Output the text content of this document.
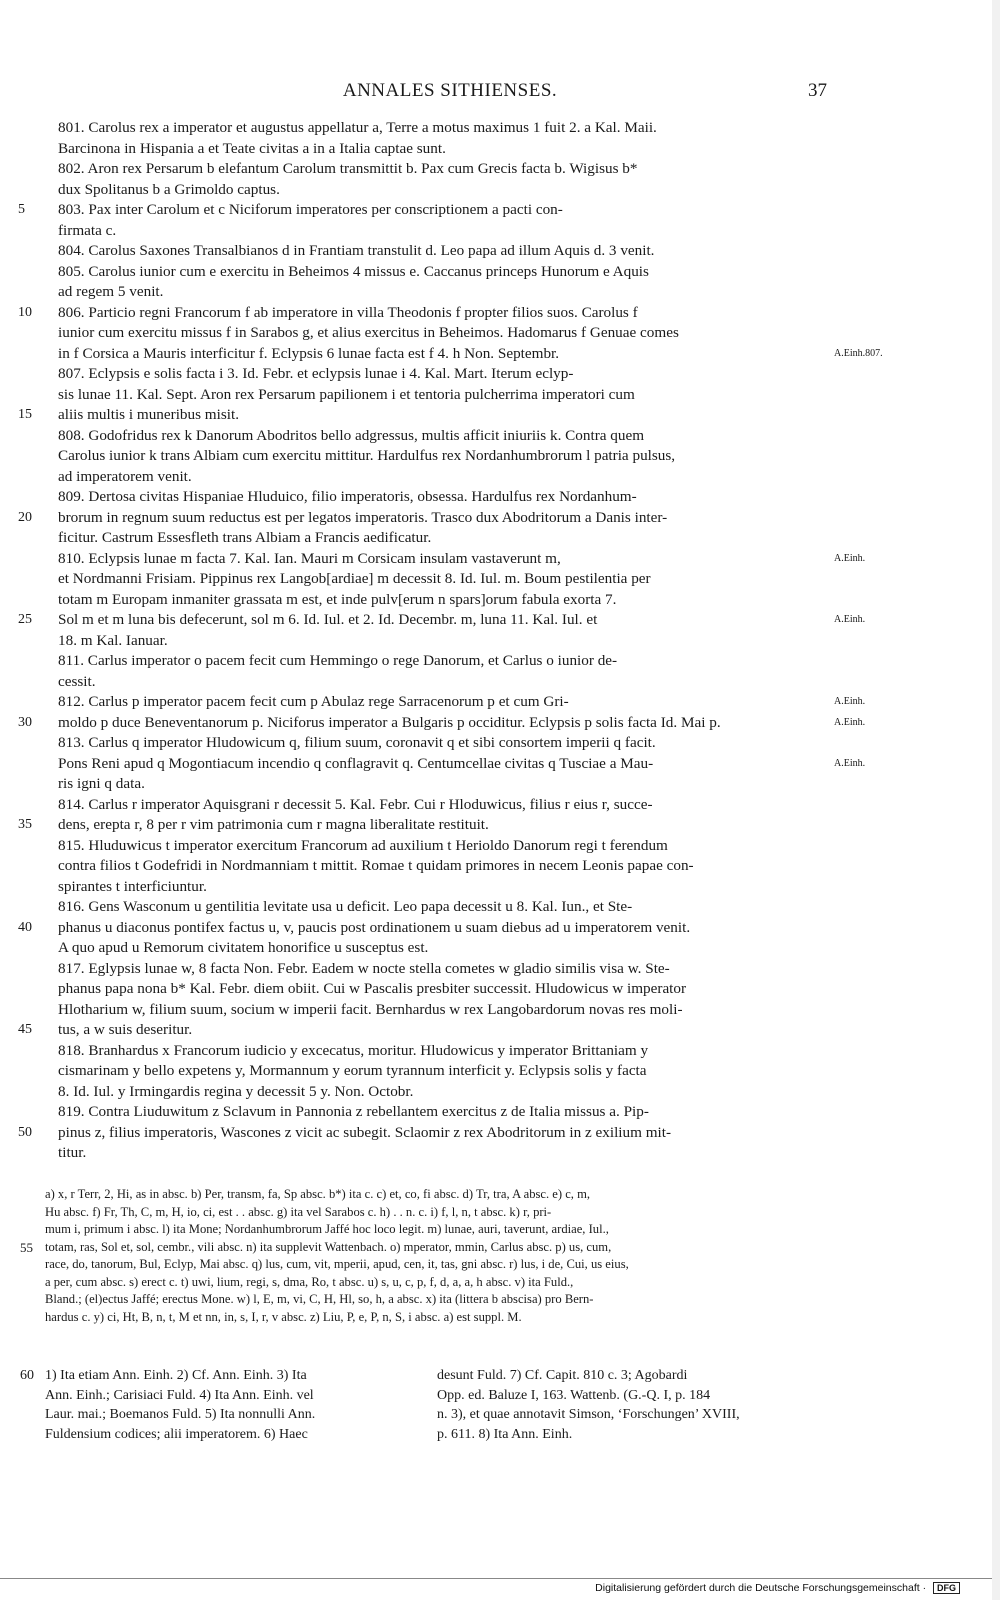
ANNALES SITHIENSES.	37
801. Carolus rex a imperator et augustus appellatur a, Terre a motus maximus 1 fuit 2. a Kal. Maii.
Barcinona in Hispania a et Teate civitas a in a Italia captae sunt.
802. Aron rex Persarum b elefantum Carolum transmittit b. Pax cum Grecis facta b. Wigisus b*
dux Spolitanus b a Grimoldo captus.
5	803. Pax inter Carolum et c Niciforum imperatores per conscriptionem a pacti con-
firmata c.
804. Carolus Saxones Transalbianos d in Frantiam transtulit d. Leo papa ad illum Aquis d. 3 venit.
805. Carolus iunior cum e exercitu in Beheimos 4 missus e. Caccanus princeps Hunorum e Aquis
ad regem 5 venit.
10	806. Particio regni Francorum f ab imperatore in villa Theodonis f propter filios suos. Carolus f
iunior cum exercitu missus f in Sarabos g, et alius exercitus in Beheimos. Hadomarus f Genuae comes
in f Corsica a Mauris interficitur f. Eclypsis 6 lunae facta est f 4. h Non. Septembr.	A.Einh.807.
807. Eclypsis e solis facta i 3. Id. Febr. et eclypsis lunae i 4. Kal. Mart. Iterum eclyp-
sis lunae 11. Kal. Sept. Aron rex Persarum papilionem i et tentoria pulcherrima imperatori cum
15	aliis multis i muneribus misit.
808. Godofridus rex k Danorum Abodritos bello adgressus, multis afficit iniuriis k. Contra quem
Carolus iunior k trans Albiam cum exercitu mittitur. Hardulfus rex Nordanhumbrorum l patria pulsus,
ad imperatorem venit.
809. Dertosa civitas Hispaniae Hluduico, filio imperatoris, obsessa. Hardulfus rex Nordanhum-
20	brorum in regnum suum reductus est per legatos imperatoris. Trasco dux Abodritorum a Danis inter-
ficitur. Castrum Essesfleth trans Albiam a Francis aedificatur.
810. Eclypsis lunae m facta 7. Kal. Ian. Mauri m Corsicam insulam vastaverunt m,	A.Einh.
et Nordmanni Frisiam. Pippinus rex Langob[ardiae] m decessit 8. Id. Iul. m. Boum pestilentia per
totam m Europam inmaniter grassata m est, et inde pulv[erum n spars]orum fabula exorta 7.
25	Sol m et m luna bis defecerunt, sol m 6. Id. Iul. et 2. Id. Decembr. m, luna 11. Kal. Iul. et	A.Einh.
18. m Kal. Ianuar.
811. Carlus imperator o pacem fecit cum Hemmingo o rege Danorum, et Carlus o iunior de-
cessit.
812. Carlus p imperator pacem fecit cum p Abulaz rege Sarracenorum p et cum Gri-	A.Einh.
30	moldo p duce Beneventanorum p. Niciforus imperator a Bulgaris p occiditur. Eclypsis p solis facta Id. Mai p.	A.Einh.
813. Carlus q imperator Hludowicum q, filium suum, coronavit q et sibi consortem imperii q facit.
Pons Reni apud q Mogontiacum incendio q conflagravit q. Centumcellae civitas q Tusciae a Mau-	A.Einh.
ris igni q data.
814. Carlus r imperator Aquisgrani r decessit 5. Kal. Febr. Cui r Hloduwicus, filius r eius r, succe-
35	dens, erepta r, 8 per r vim patrimonia cum r magna liberalitate restituit.
815. Hluduwicus t imperator exercitum Francorum ad auxilium t Herioldo Danorum regi t ferendum
contra filios t Godefridi in Nordmanniam t mittit. Romae t quidam primores in necem Leonis papae con-
spirantes t interficiuntur.
816. Gens Wasconum u gentilitia levitate usa u deficit. Leo papa decessit u 8. Kal. Iun., et Ste-
40	phanus u diaconus pontifex factus u, v, paucis post ordinationem u suam diebus ad u imperatorem venit.
A quo apud u Remorum civitatem honorifice u susceptus est.
817. Eglypsis lunae w, 8 facta Non. Febr. Eadem w nocte stella cometes w gladio similis visa w. Ste-
phanus papa nona b* Kal. Febr. diem obiit. Cui w Pascalis presbiter successit. Hludowicus w imperator
Hlotharium w, filium suum, socium w imperii facit. Bernhardus w rex Langobardorum novas res moli-
45	tus, a w suis deseritur.
818. Branhardus x Francorum iudicio y excecatus, moritur. Hludowicus y imperator Brittaniam y
cismarinam y bello expetens y, Mormannum y eorum tyrannum interficit y. Eclypsis solis y facta
8. Id. Iul. y Irmingardis regina y decessit 5 y. Non. Octobr.
819. Contra Liuduwitum z Sclavum in Pannonia z rebellantem exercitus z de Italia missus a. Pip-
50	pinus z, filius imperatoris, Wascones z vicit ac subegit. Sclaomir z rex Abodritorum in z exilium mit-
titur.
a) x, r Terr, 2, Hi, as in absc. b) Per, transm, fa, Sp absc. b*) ita c. c) et, co, fi absc. d) Tr, tra, A absc. e) c, m,
Hu absc. f) Fr, Th, C, m, H, io, ci, est . . absc. g) ita vel Sarabos c. h) . . n. c. i) f, l, n, t absc. k) r, pri-
mum i, primum i absc. l) ita Mone; Nordanhumbrorum Jaffé hoc loco legit. m) lunae, auri, taverunt, ardiae, Iul.,
55 totam, ras, Sol et, sol, cembr., vili absc. n) ita supplevit Wattenbach. o) mperator, mmin, Carlus absc. p) us, cum,
race, do, tanorum, Bul, Eclyp, Mai absc. q) lus, cum, vit, mperii, apud, cen, it, tas, gni absc. r) lus, i de, Cui, us eius,
a per, cum absc. s) erect c. t) uwi, lium, regi, s, dma, Ro, t absc. u) s, u, c, p, f, d, a, a, h absc. v) ita Fuld.,
Bland.; (el)ectus Jaffé; erectus Mone. w) l, E, m, vi, C, H, Hl, so, h, a absc. x) ita (littera b abscisa) pro Bern-
hardus c. y) ci, Ht, B, n, t, M et nn, in, s, I, r, v absc. z) Liu, P, e, P, n, S, i absc. a) est suppl. M.
60 1) Ita etiam Ann. Einh. 2) Cf. Ann. Einh. 3) Ita
Ann. Einh.; Carisiaci Fuld. 4) Ita Ann. Einh. vel
Laur. mai.; Boemanos Fuld. 5) Ita nonnulli Ann.
Fuldensium codices; alii imperatorem. 6) Haec
desunt Fuld. 7) Cf. Capit. 810 c. 3; Agobardi
Opp. ed. Baluze I, 163. Wattenb. (G.-Q. I, p. 184
n. 3), et quae annotavit Simson, ‘Forschungen’ XVIII,
p. 611. 8) Ita Ann. Einh.
Digitalisierung gefördert durch die Deutsche Forschungsgemeinschaft · DFG
